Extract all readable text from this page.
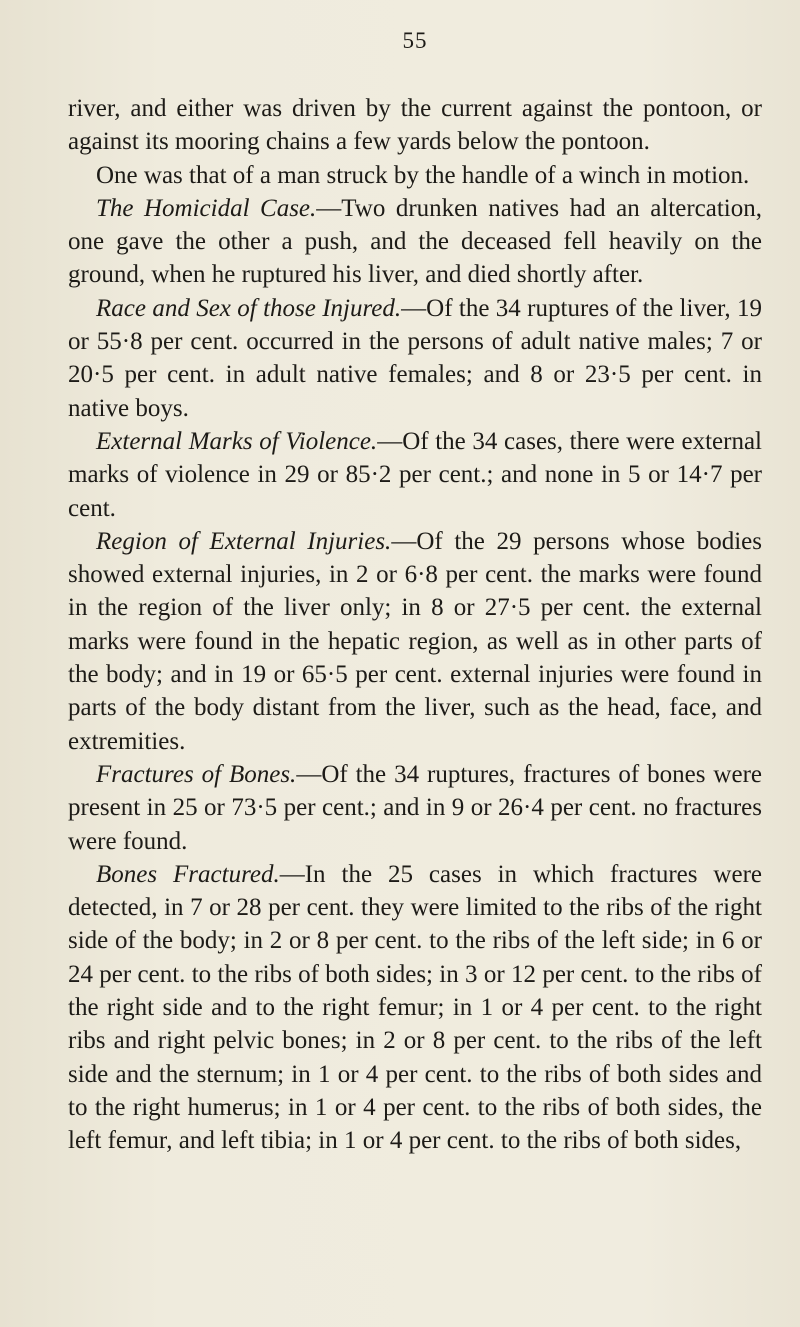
55

river, and either was driven by the current against the pontoon, or against its mooring chains a few yards below the pontoon.

One was that of a man struck by the handle of a winch in motion.

The Homicidal Case.—Two drunken natives had an altercation, one gave the other a push, and the deceased fell heavily on the ground, when he ruptured his liver, and died shortly after.

Race and Sex of those Injured.—Of the 34 ruptures of the liver, 19 or 55·8 per cent. occurred in the persons of adult native males; 7 or 20·5 per cent. in adult native females; and 8 or 23·5 per cent. in native boys.

External Marks of Violence.—Of the 34 cases, there were external marks of violence in 29 or 85·2 per cent.; and none in 5 or 14·7 per cent.

Region of External Injuries.—Of the 29 persons whose bodies showed external injuries, in 2 or 6·8 per cent. the marks were found in the region of the liver only; in 8 or 27·5 per cent. the external marks were found in the hepatic region, as well as in other parts of the body; and in 19 or 65·5 per cent. external injuries were found in parts of the body distant from the liver, such as the head, face, and extremities.

Fractures of Bones.—Of the 34 ruptures, fractures of bones were present in 25 or 73·5 per cent.; and in 9 or 26·4 per cent. no fractures were found.

Bones Fractured.—In the 25 cases in which fractures were detected, in 7 or 28 per cent. they were limited to the ribs of the right side of the body; in 2 or 8 per cent. to the ribs of the left side; in 6 or 24 per cent. to the ribs of both sides; in 3 or 12 per cent. to the ribs of the right side and to the right femur; in 1 or 4 per cent. to the right ribs and right pelvic bones; in 2 or 8 per cent. to the ribs of the left side and the sternum; in 1 or 4 per cent. to the ribs of both sides and to the right humerus; in 1 or 4 per cent. to the ribs of both sides, the left femur, and left tibia; in 1 or 4 per cent. to the ribs of both sides,
